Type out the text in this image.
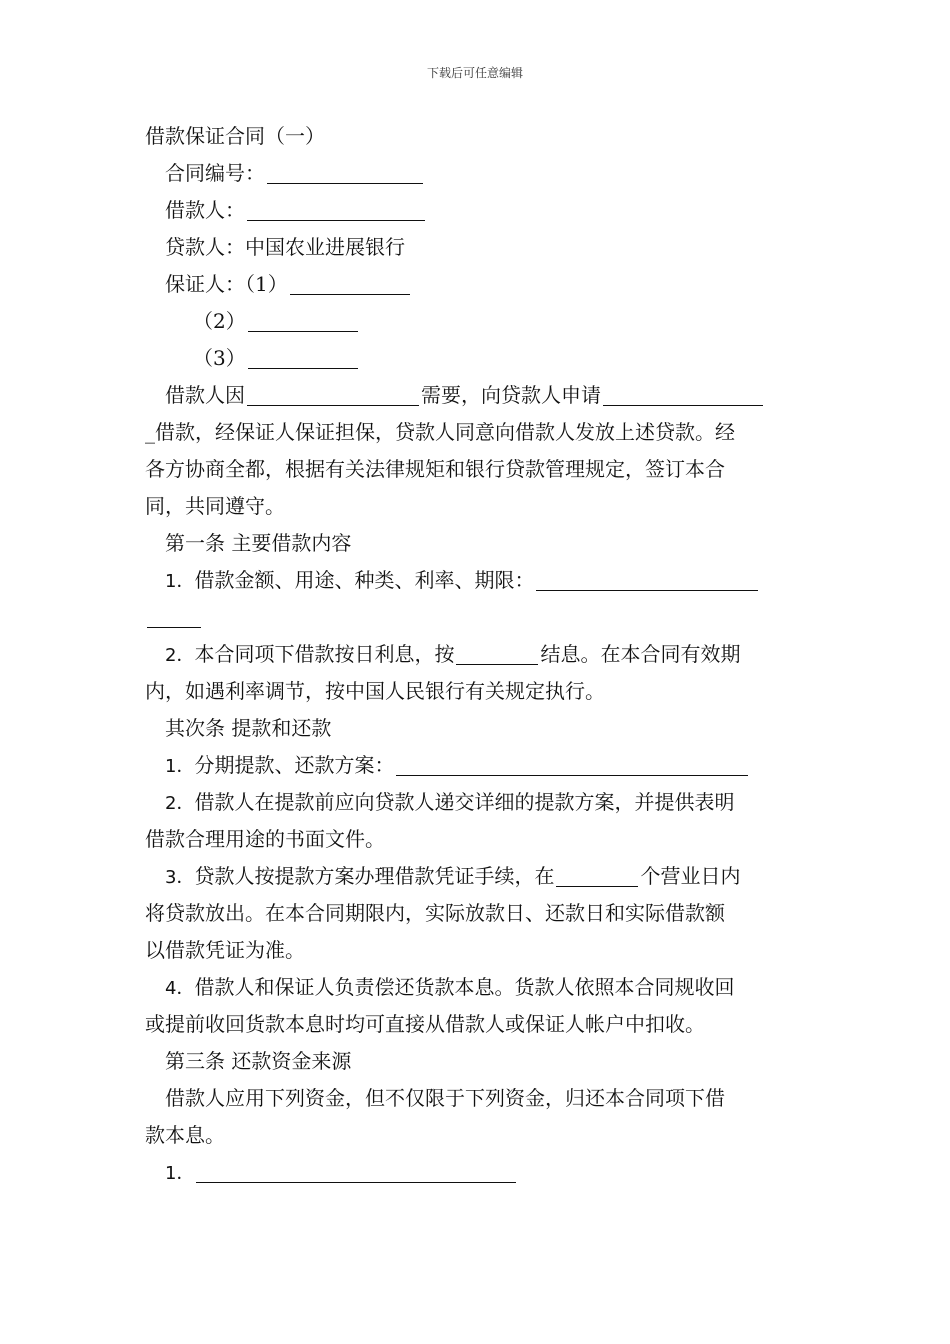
下载后可任意编辑
借款保证合同（一）
合同编号：
借款人：
贷款人：中国农业进展银行
保证人：（1）
（2）
（3）
借款人因	需要，向贷款人申请
_借款，经保证人保证担保，贷款人同意向借款人发放上述贷款。经
各方协商全都，根据有关法律规矩和银行贷款管理规定，签订本合
同，共同遵守。
第一条 主要借款内容
1．借款金额、用途、种类、利率、期限：
2．本合同项下借款按日利息，按	结息。在本合同有效期
内，如遇利率调节，按中国人民银行有关规定执行。
其次条 提款和还款
1．分期提款、还款方案：
2．借款人在提款前应向贷款人递交详细的提款方案，并提供表明
借款合理用途的书面文件。
3．贷款人按提款方案办理借款凭证手续，在	个营业日内
将贷款放出。在本合同期限内，实际放款日、还款日和实际借款额
以借款凭证为准。
4．借款人和保证人负责偿还货款本息。货款人依照本合同规收回
或提前收回货款本息时均可直接从借款人或保证人帐户中扣收。
第三条 还款资金来源
借款人应用下列资金，但不仅限于下列资金，归还本合同项下借
款本息。
1．
